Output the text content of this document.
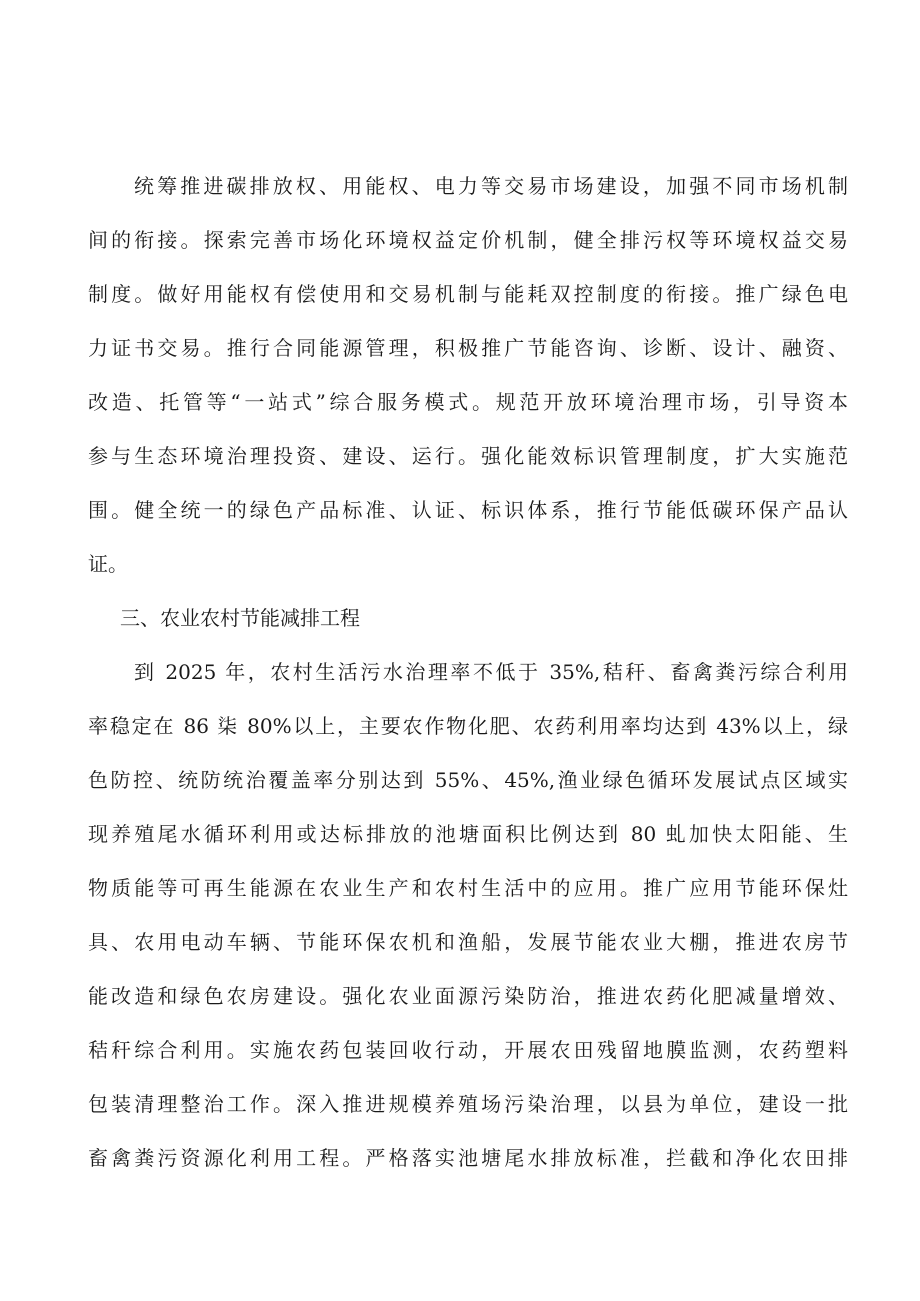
统筹推进碳排放权、用能权、电力等交易市场建设，加强不同市场机制
间的衔接。探索完善市场化环境权益定价机制，健全排污权等环境权益交易
制度。做好用能权有偿使用和交易机制与能耗双控制度的衔接。推广绿色电
力证书交易。推行合同能源管理，积极推广节能咨询、诊断、设计、融资、
改造、托管等“一站式”综合服务模式。规范开放环境治理市场，引导资本
参与生态环境治理投资、建设、运行。强化能效标识管理制度，扩大实施范
围。健全统一的绿色产品标准、认证、标识体系，推行节能低碳环保产品认
证。
三、农业农村节能减排工程
到 2025 年，农村生活污水治理率不低于 35%,秸秆、畜禽粪污综合利用
率稳定在 86 柒 80%以上，主要农作物化肥、农药利用率均达到 43%以上，绿
色防控、统防统治覆盖率分别达到 55%、45%,渔业绿色循环发展试点区域实
现养殖尾水循环利用或达标排放的池塘面积比例达到 80 虬加快太阳能、生
物质能等可再生能源在农业生产和农村生活中的应用。推广应用节能环保灶
具、农用电动车辆、节能环保农机和渔船，发展节能农业大棚，推进农房节
能改造和绿色农房建设。强化农业面源污染防治，推进农药化肥减量增效、
秸秆综合利用。实施农药包装回收行动，开展农田残留地膜监测，农药塑料
包装清理整治工作。深入推进规模养殖场污染治理，以县为单位，建设一批
畜禽粪污资源化利用工程。严格落实池塘尾水排放标准，拦截和净化农田排
